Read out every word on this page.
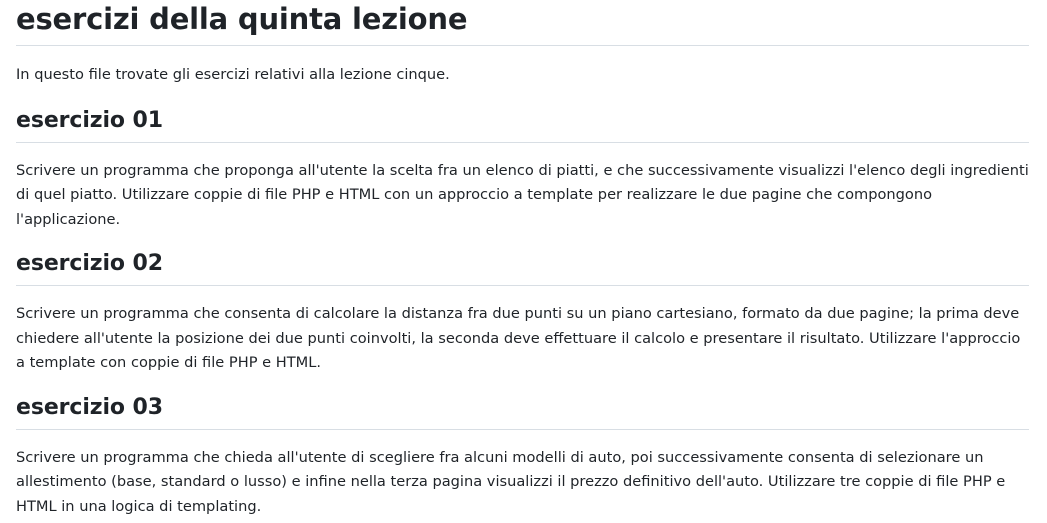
esercizi della quinta lezione

In questo file trovate gli esercizi relativi alla lezione cinque.

esercizio 01

Scrivere un programma che proponga all'utente la scelta fra un elenco di piatti, e che successivamente visualizzi l'elenco degli ingredienti di quel piatto. Utilizzare coppie di file PHP e HTML con un approccio a template per realizzare le due pagine che compongono l'applicazione.

esercizio 02

Scrivere un programma che consenta di calcolare la distanza fra due punti su un piano cartesiano, formato da due pagine; la prima deve chiedere all'utente la posizione dei due punti coinvolti, la seconda deve effettuare il calcolo e presentare il risultato. Utilizzare l'approccio a template con coppie di file PHP e HTML.

esercizio 03

Scrivere un programma che chieda all'utente di scegliere fra alcuni modelli di auto, poi successivamente consenta di selezionare un allestimento (base, standard o lusso) e infine nella terza pagina visualizzi il prezzo definitivo dell'auto. Utilizzare tre coppie di file PHP e HTML in una logica di templating.
